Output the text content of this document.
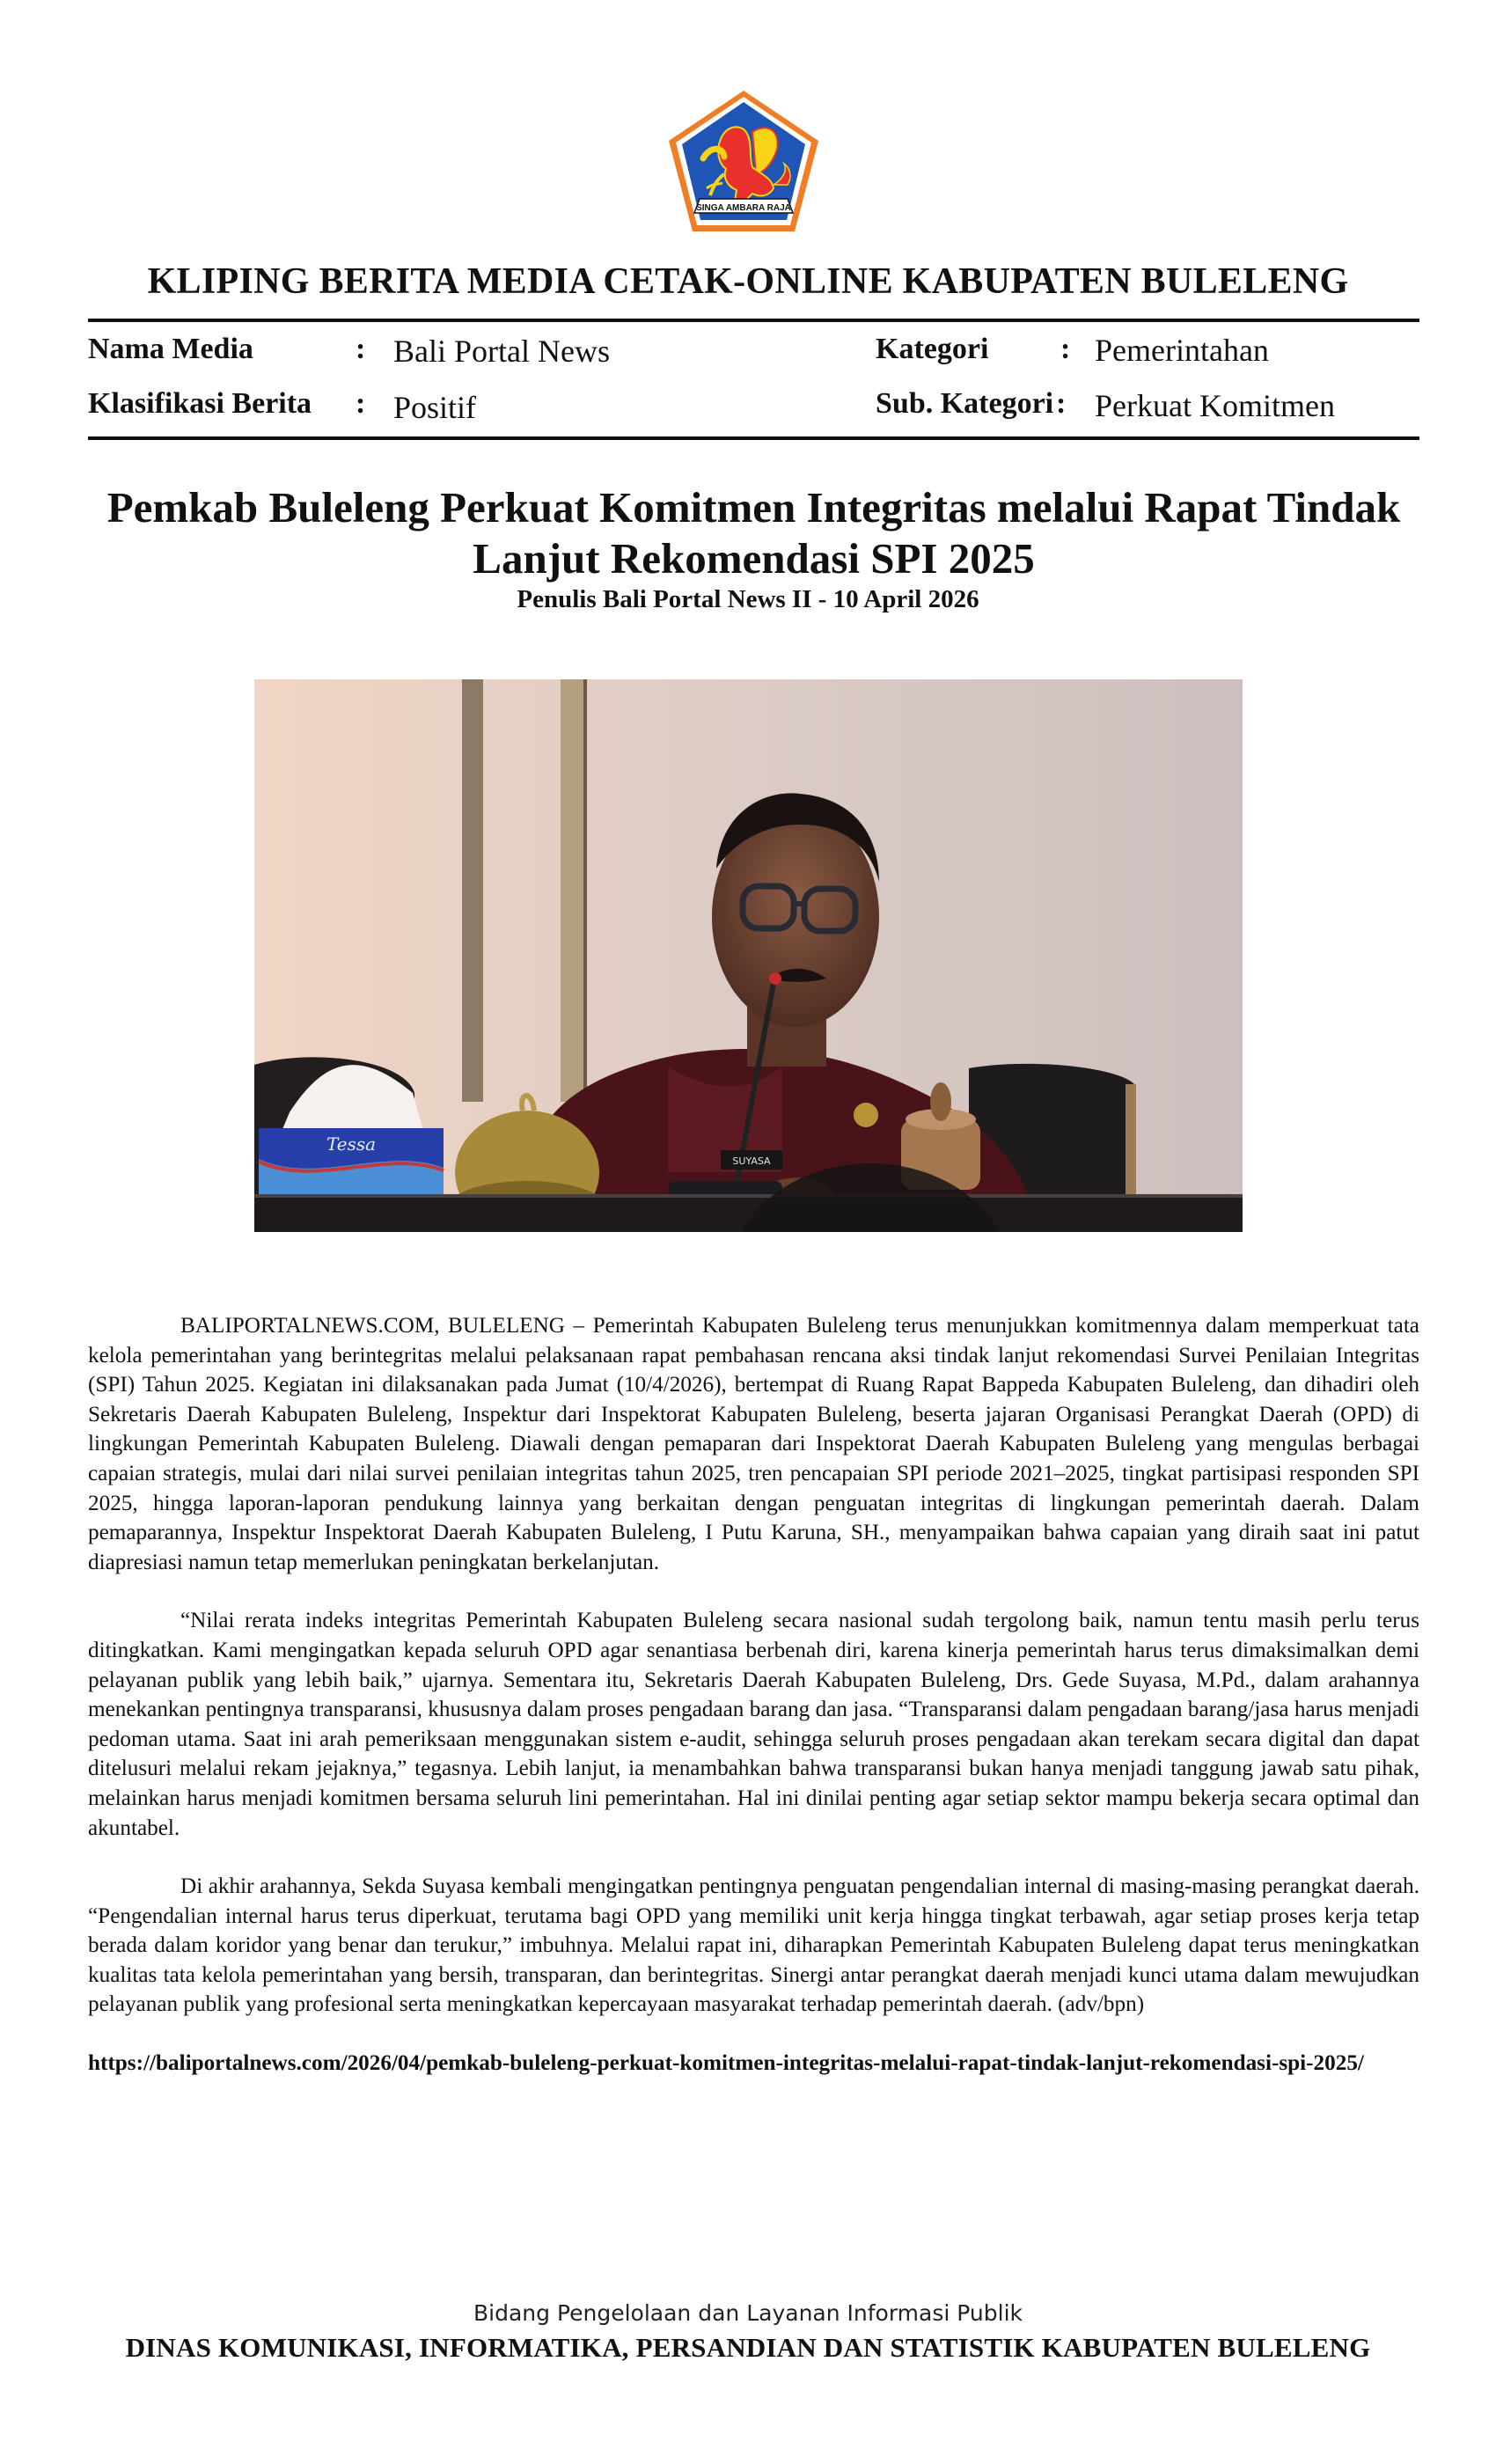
SINGA AMBARA RAJA
KLIPING BERITA MEDIA CETAK-ONLINE KABUPATEN BULELENG
Nama Media	: Bali Portal News
Klasifikasi Berita : Positif
Kategori : Pemerintahan
Sub. Kategori : Perkuat Komitmen
Pemkab Buleleng Perkuat Komitmen Integritas melalui Rapat Tindak Lanjut Rekomendasi SPI 2025
Penulis Bali Portal News II - 10 April 2026
SUYASA
Tessa

BALIPORTALNEWS.COM, BULELENG – Pemerintah Kabupaten Buleleng terus menunjukkan komitmennya dalam memperkuat tata kelola pemerintahan yang berintegritas melalui pelaksanaan rapat pembahasan rencana aksi tindak lanjut rekomendasi Survei Penilaian Integritas (SPI) Tahun 2025. Kegiatan ini dilaksanakan pada Jumat (10/4/2026), bertempat di Ruang Rapat Bappeda Kabupaten Buleleng, dan dihadiri oleh Sekretaris Daerah Kabupaten Buleleng, Inspektur dari Inspektorat Kabupaten Buleleng, beserta jajaran Organisasi Perangkat Daerah (OPD) di lingkungan Pemerintah Kabupaten Buleleng. Diawali dengan pemaparan dari Inspektorat Daerah Kabupaten Buleleng yang mengulas berbagai capaian strategis, mulai dari nilai survei penilaian integritas tahun 2025, tren pencapaian SPI periode 2021–2025, tingkat partisipasi responden SPI 2025, hingga laporan-laporan pendukung lainnya yang berkaitan dengan penguatan integritas di lingkungan pemerintah daerah. Dalam pemaparannya, Inspektur Inspektorat Daerah Kabupaten Buleleng, I Putu Karuna, SH., menyampaikan bahwa capaian yang diraih saat ini patut diapresiasi namun tetap memerlukan peningkatan berkelanjutan.

“Nilai rerata indeks integritas Pemerintah Kabupaten Buleleng secara nasional sudah tergolong baik, namun tentu masih perlu terus ditingkatkan. Kami mengingatkan kepada seluruh OPD agar senantiasa berbenah diri, karena kinerja pemerintah harus terus dimaksimalkan demi pelayanan publik yang lebih baik,” ujarnya. Sementara itu, Sekretaris Daerah Kabupaten Buleleng, Drs. Gede Suyasa, M.Pd., dalam arahannya menekankan pentingnya transparansi, khususnya dalam proses pengadaan barang dan jasa. “Transparansi dalam pengadaan barang/jasa harus menjadi pedoman utama. Saat ini arah pemeriksaan menggunakan sistem e-audit, sehingga seluruh proses pengadaan akan terekam secara digital dan dapat ditelusuri melalui rekam jejaknya,” tegasnya. Lebih lanjut, ia menambahkan bahwa transparansi bukan hanya menjadi tanggung jawab satu pihak, melainkan harus menjadi komitmen bersama seluruh lini pemerintahan. Hal ini dinilai penting agar setiap sektor mampu bekerja secara optimal dan akuntabel.

Di akhir arahannya, Sekda Suyasa kembali mengingatkan pentingnya penguatan pengendalian internal di masing-masing perangkat daerah. “Pengendalian internal harus terus diperkuat, terutama bagi OPD yang memiliki unit kerja hingga tingkat terbawah, agar setiap proses kerja tetap berada dalam koridor yang benar dan terukur,” imbuhnya. Melalui rapat ini, diharapkan Pemerintah Kabupaten Buleleng dapat terus meningkatkan kualitas tata kelola pemerintahan yang bersih, transparan, dan berintegritas. Sinergi antar perangkat daerah menjadi kunci utama dalam mewujudkan pelayanan publik yang profesional serta meningkatkan kepercayaan masyarakat terhadap pemerintah daerah. (adv/bpn)

https://baliportalnews.com/2026/04/pemkab-buleleng-perkuat-komitmen-integritas-melalui-rapat-tindak-lanjut-rekomendasi-spi-2025/

Bidang Pengelolaan dan Layanan Informasi Publik
DINAS KOMUNIKASI, INFORMATIKA, PERSANDIAN DAN STATISTIK KABUPATEN BULELENG
